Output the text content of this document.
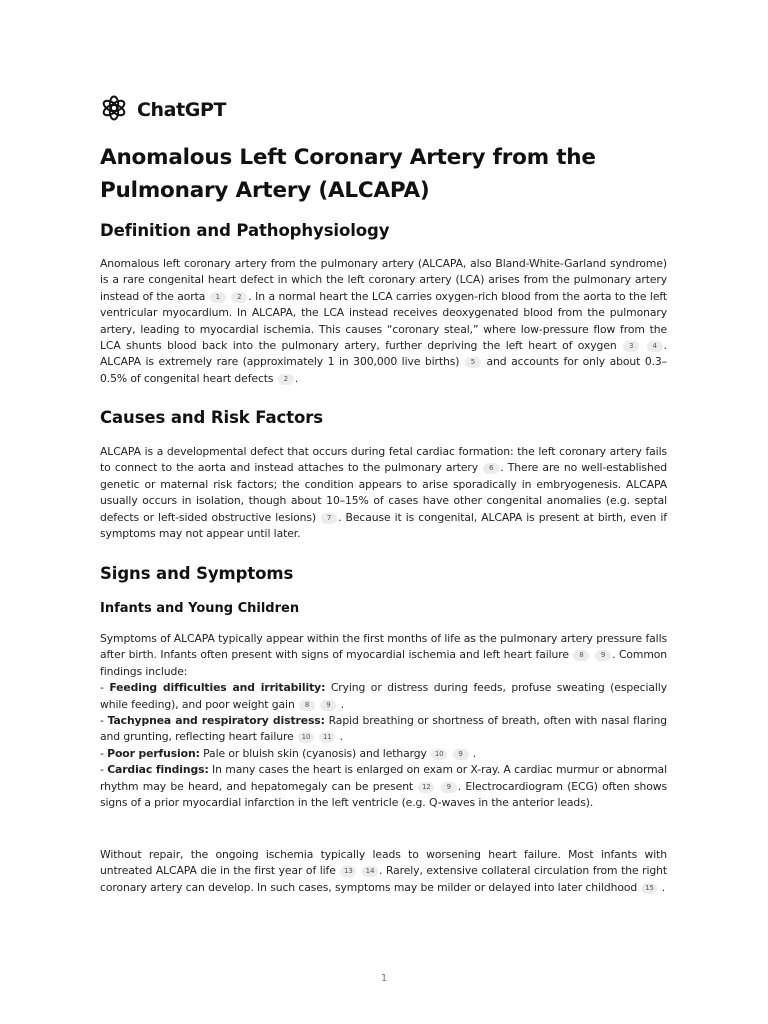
ChatGPT
Anomalous Left Coronary Artery from the Pulmonary Artery (ALCAPA)
Definition and Pathophysiology

Anomalous left coronary artery from the pulmonary artery (ALCAPA, also Bland-White-Garland syndrome) is a rare congenital heart defect in which the left coronary artery (LCA) arises from the pulmonary artery instead of the aorta 1 2 . In a normal heart the LCA carries oxygen-rich blood from the aorta to the left ventricular myocardium. In ALCAPA, the LCA instead receives deoxygenated blood from the pulmonary artery, leading to myocardial ischemia. This causes “coronary steal,” where low-pressure flow from the LCA shunts blood back into the pulmonary artery, further depriving the left heart of oxygen 3	4 . ALCAPA is extremely rare (approximately 1 in 300,000 live births) 5 and accounts for only about 0.3–0.5% of congenital heart defects 2 .

Causes and Risk Factors

ALCAPA is a developmental defect that occurs during fetal cardiac formation: the left coronary artery fails to connect to the aorta and instead attaches to the pulmonary artery 6 . There are no well-established genetic or maternal risk factors; the condition appears to arise sporadically in embryogenesis. ALCAPA usually occurs in isolation, though about 10–15% of cases have other congenital anomalies (e.g. septal defects or left-sided obstructive lesions) 7 . Because it is congenital, ALCAPA is present at birth, even if symptoms may not appear until later.

Signs and Symptoms
Infants and Young Children

Symptoms of ALCAPA typically appear within the first months of life as the pulmonary artery pressure falls after birth. Infants often present with signs of myocardial ischemia and left heart failure 8 9 . Common findings include:
- Feeding difficulties and irritability: Crying or distress during feeds, profuse sweating (especially while feeding), and poor weight gain 8 9 .
- Tachypnea and respiratory distress: Rapid breathing or shortness of breath, often with nasal flaring and grunting, reflecting heart failure 10 11 .
- Poor perfusion: Pale or bluish skin (cyanosis) and lethargy 10 9 .
- Cardiac findings: In many cases the heart is enlarged on exam or X-ray. A cardiac murmur or abnormal rhythm may be heard, and hepatomegaly can be present 12 9 . Electrocardiogram (ECG) often shows signs of a prior myocardial infarction in the left ventricle (e.g. Q-waves in the anterior leads).

Without repair, the ongoing ischemia typically leads to worsening heart failure. Most infants with untreated ALCAPA die in the first year of life 13 14 . Rarely, extensive collateral circulation from the right coronary artery can develop. In such cases, symptoms may be milder or delayed into later childhood 15 .

1
